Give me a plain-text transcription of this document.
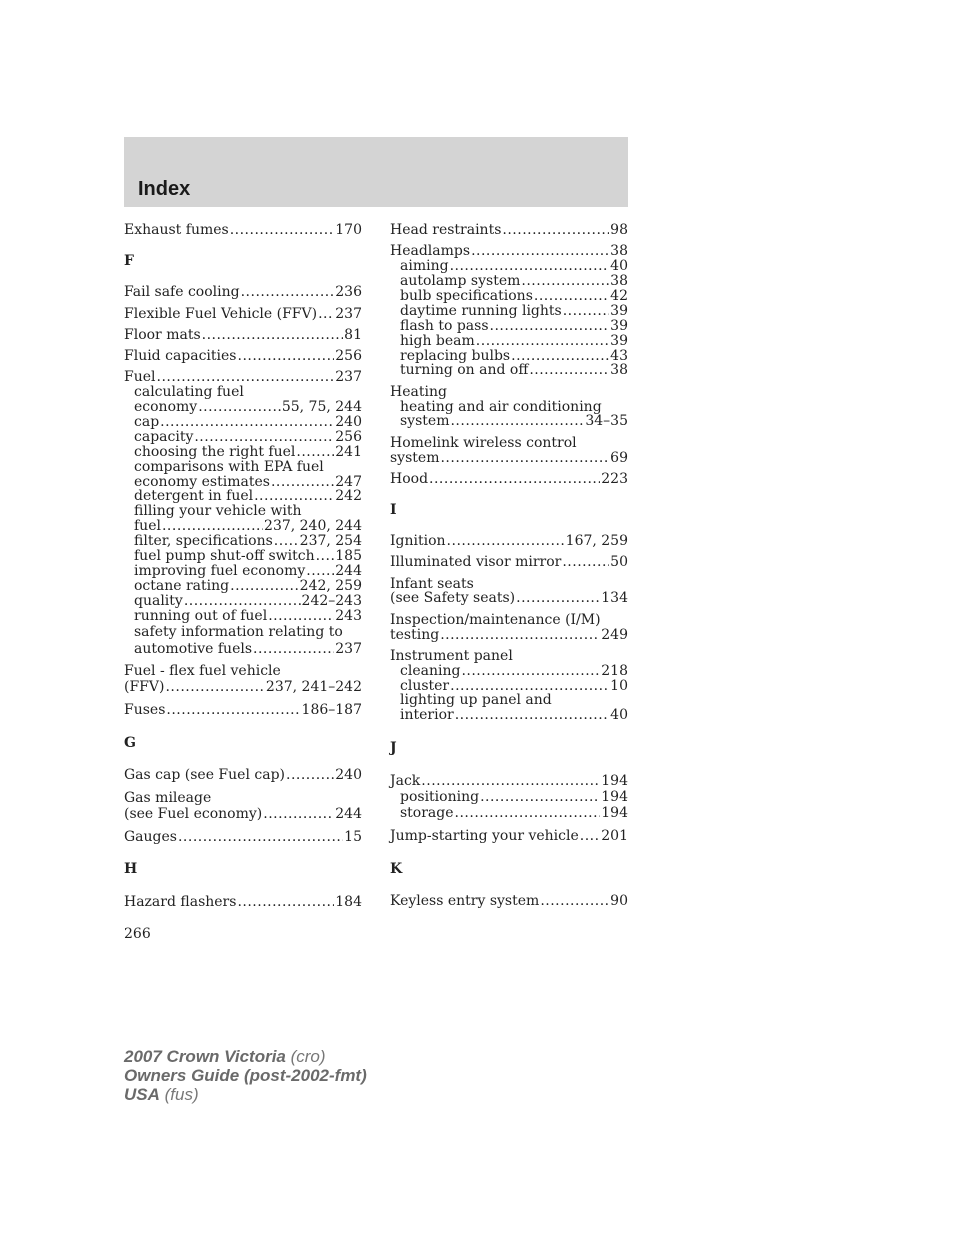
Index
Exhaust fumes .....	170
F
Fail safe cooling .....	236
Flexible Fuel Vehicle (FFV) ..... 237
Floor mats .....	81
Fluid capacities .....	256
Fuel .....	237
calculating fuel
economy .....	55, 75, 244
cap .....	240
capacity .....	256
choosing the right fuel .....	241
comparisons with EPA fuel
economy estimates .....	247
detergent in fuel .....	242
filling your vehicle with
fuel .....	237, 240, 244
filter, specifications ..... 237, 254
fuel pump shut-off switch ..... 185
improving fuel economy ..... 244
octane rating .....	242, 259
quality .....	242–243
running out of fuel .....	243
safety information relating to
automotive fuels .....	237
Fuel - flex fuel vehicle
(FFV) .....	237, 241–242
Fuses .....	186–187
G
Gas cap (see Fuel cap) .....	240
Gas mileage
(see Fuel economy) .....	244
Gauges .....	15
H
Hazard flashers .....	184
Head restraints .....	98
Headlamps .....	38
aiming .....	40
autolamp system .....	38
bulb specifications .....	42
daytime running lights .....	39
flash to pass .....	39
high beam .....	39
replacing bulbs .....	43
turning on and off .....	38
Heating
heating and air conditioning
system .....	34–35
Homelink wireless control
system .....	69
Hood .....	223
I
Ignition .....	167, 259
Illuminated visor mirror .....	50
Infant seats
(see Safety seats) .....	134
Inspection/maintenance (I/M)
testing .....	249
Instrument panel
cleaning .....	218
cluster .....	10
lighting up panel and
interior .....	40
J
Jack .....	194
positioning .....	194
storage .....	194
Jump-starting your vehicle ..... 201
K
Keyless entry system .....	90
266
2007 Crown Victoria (cro)
Owners Guide (post-2002-fmt)
USA (fus)
